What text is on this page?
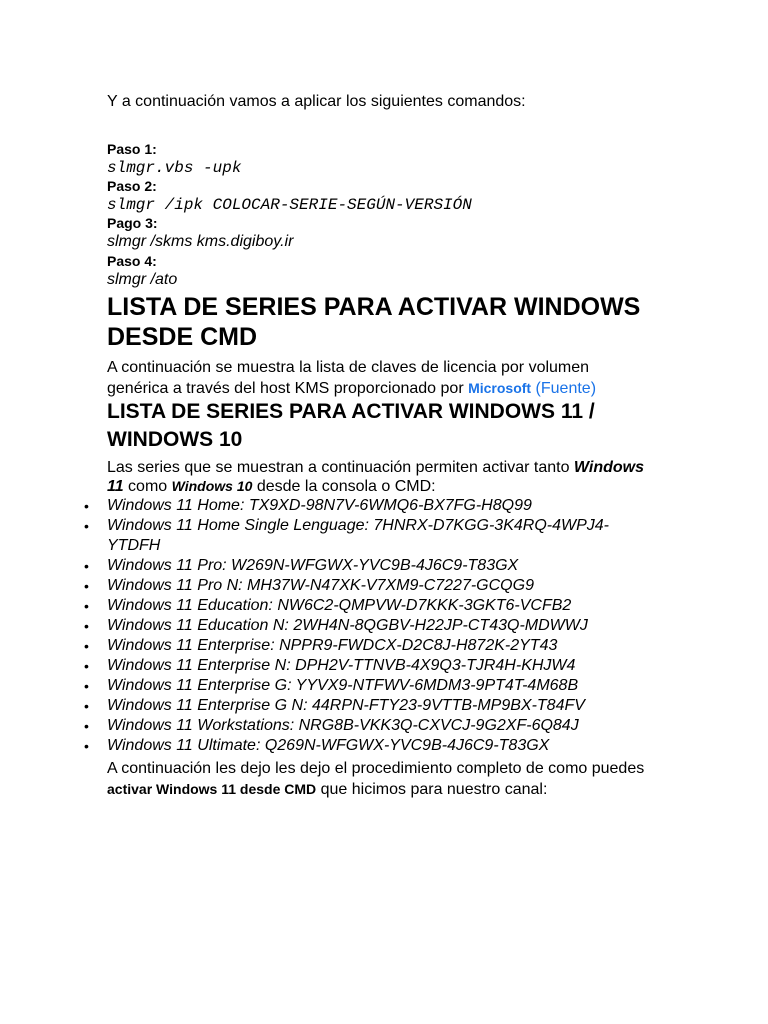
Y a continuación vamos a aplicar los siguientes comandos:
Paso 1:
slmgr.vbs -upk
Paso 2:
slmgr /ipk COLOCAR-SERIE-SEGÚN-VERSIÓN
Pago 3:
slmgr /skms kms.digiboy.ir
Paso 4:
slmgr /ato
LISTA DE SERIES PARA ACTIVAR WINDOWS DESDE CMD

A continuación se muestra la lista de claves de licencia por volumen genérica a través del host KMS proporcionado por Microsoft (Fuente)

LISTA DE SERIES PARA ACTIVAR WINDOWS 11 / WINDOWS 10

Las series que se muestran a continuación permiten activar tanto Windows 11 como Windows 10 desde la consola o CMD:

• Windows 11 Home: TX9XD-98N7V-6WMQ6-BX7FG-H8Q99
• Windows 11 Home Single Lenguage: 7HNRX-D7KGG-3K4RQ-4WPJ4-YTDFH
• Windows 11 Pro: W269N-WFGWX-YVC9B-4J6C9-T83GX
• Windows 11 Pro N: MH37W-N47XK-V7XM9-C7227-GCQG9
• Windows 11 Education: NW6C2-QMPVW-D7KKK-3GKT6-VCFB2
• Windows 11 Education N: 2WH4N-8QGBV-H22JP-CT43Q-MDWWJ
• Windows 11 Enterprise: NPPR9-FWDCX-D2C8J-H872K-2YT43
• Windows 11 Enterprise N: DPH2V-TTNVB-4X9Q3-TJR4H-KHJW4
• Windows 11 Enterprise G: YYVX9-NTFWV-6MDM3-9PT4T-4M68B
• Windows 11 Enterprise G N: 44RPN-FTY23-9VTTB-MP9BX-T84FV
• Windows 11 Workstations: NRG8B-VKK3Q-CXVCJ-9G2XF-6Q84J
• Windows 11 Ultimate: Q269N-WFGWX-YVC9B-4J6C9-T83GX

A continuación les dejo les dejo el procedimiento completo de como puedes activar Windows 11 desde CMD que hicimos para nuestro canal:
